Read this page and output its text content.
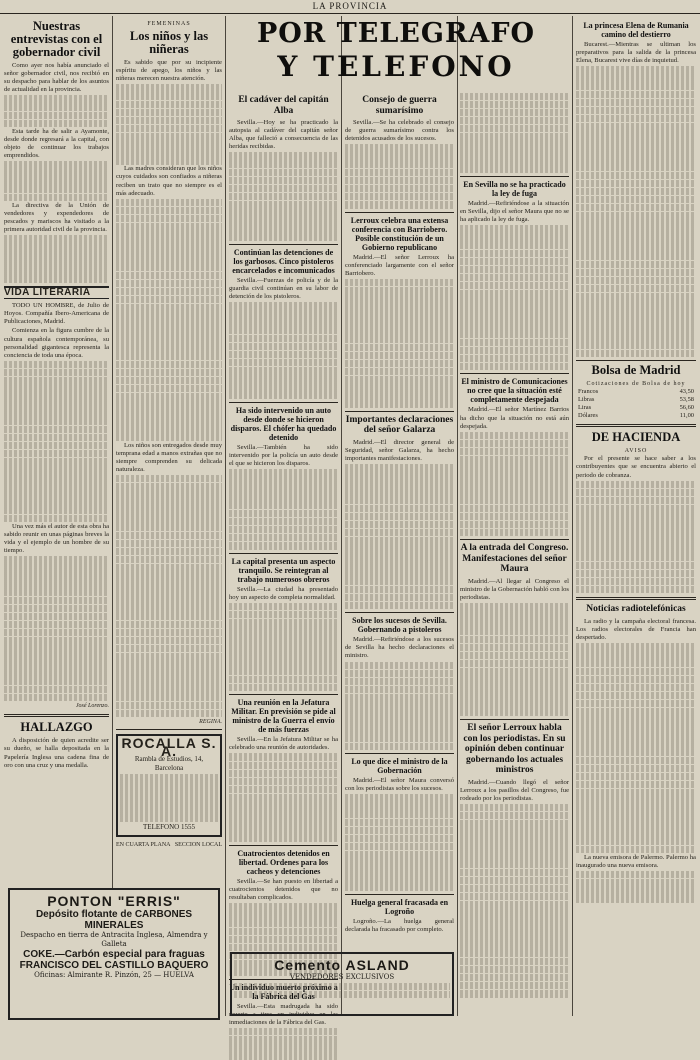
LA PROVINCIA
Nuestras entrevistas con el gobernador civil

Como ayer nos había anunciado el señor gobernador civil, nos recibió en su despacho para hablar de los asuntos de actualidad en la provincia.

Esta tarde ha de salir a Ayamonte, desde donde regresará a la capital, con objeto de continuar los trabajos emprendidos.

La directiva de la Unión de vendedores y expendedores de pescados y mariscos ha visitado a la primera autoridad civil de la provincia.

VIDA LITERARIA

TODO UN HOMBRE, de Julio de Hoyos. Compañía Ibero-Americana de Publicaciones, Madrid.

Comienza en la figura cumbre de la cultura española contemporánea, su personalidad gigantesca representa la conciencia de toda una época.

Una vez más el autor de esta obra ha sabido reunir en unas páginas breves la vida y el ejemplo de un hombre de su tiempo.

José Lorenzo.
HALLAZGO

A disposición de quien acredite ser su dueño, se halla depositada en la Papelería Inglesa una cadena fina de oro con una cruz y una medalla.

FEMENINAS
Los niños y las niñeras

Es sabido que por su incipiente espíritu de apego, los niños y las niñeras merecen nuestra atención.

Las madres consideran que los niños cuyos cuidados son confiados a niñeras reciben un trato que no siempre es el más adecuado.

Los niños son entregados desde muy temprana edad a manos extrañas que no siempre comprenden su delicada naturaleza.

REGINA.
ROCALLA S. A.
Rambla de Estudios, 14, Barcelona
TELEFONO 1555
EN CUARTA PLANA SECCION LOCAL
PONTON "ERRIS"
Depósito flotante de CARBONES MINERALES
Despacho en tierra de Antracita Inglesa, Almendra y Galleta
COKE.—Carbón especial para fraguas
FRANCISCO DEL CASTILLO BAQUERO
Oficinas: Almirante R. Pinzón, 25 — HUELVA
POR TELEGRAFO
Y TELEFONO
El cadáver del capitán Alba

Sevilla.—Hoy se ha practicado la autopsia al cadáver del capitán señor Alba, que falleció a consecuencia de las heridas recibidas.

Continúan las detenciones de los garbosos. Cinco pistoleros encarcelados e incomunicados

Sevilla.—Fuerzas de policía y de la guardia civil continúan en su labor de detención de los pistoleros.

Ha sido intervenido un auto desde donde se hicieron disparos. El chófer ha quedado detenido

Sevilla.—También ha sido intervenido por la policía un auto desde el que se hicieron los disparos.

La capital presenta un aspecto tranquilo. Se reintegran al trabajo numerosos obreros

Sevilla.—La ciudad ha presentado hoy un aspecto de completa normalidad.

Una reunión en la Jefatura Militar. En previsión se pide al ministro de la Guerra el envío de más fuerzas

Sevilla.—En la Jefatura Militar se ha celebrado una reunión de autoridades.

Cuatrocientos detenidos en libertad. Ordenes para los cacheos y detenciones

Sevilla.—Se han puesto en libertad a cuatrocientos detenidos que no resultaban complicados.

Un individuo muerto próximo a la Fábrica del Gas

Sevilla.—Esta madrugada ha sido muerto a tiros un individuo en las inmediaciones de la Fábrica del Gas.

Cemento ASLAND
VENDEDORES EXCLUSIVOS
Consejo de guerra sumarísimo

Sevilla.—Se ha celebrado el consejo de guerra sumarísimo contra los detenidos acusados de los sucesos.

Lerroux celebra una extensa conferencia con Barriobero. Posible constitución de un Gobierno republicano

Madrid.—El señor Lerroux ha conferenciado largamente con el señor Barriobero.

Importantes declaraciones del señor Galarza

Madrid.—El director general de Seguridad, señor Galarza, ha hecho importantes manifestaciones.

Sobre los sucesos de Sevilla. Gobernando a pistoleros

Madrid.—Refiriéndose a los sucesos de Sevilla ha hecho declaraciones el ministro.

Lo que dice el ministro de la Gobernación

Madrid.—El señor Maura conversó con los periodistas sobre los sucesos.

Huelga general fracasada en Logroño

Logroño.—La huelga general declarada ha fracasado por completo.

En Sevilla no se ha practicado la ley de fuga

Madrid.—Refiriéndose a la situación en Sevilla, dijo el señor Maura que no se ha aplicado la ley de fuga.

El ministro de Comunicaciones no cree que la situación esté completamente despejada

Madrid.—El señor Martínez Barrios ha dicho que la situación no está aún despejada.

A la entrada del Congreso. Manifestaciones del señor Maura

Madrid.—Al llegar al Congreso el ministro de la Gobernación habló con los periodistas.

El señor Lerroux habla con los periodistas. En su opinión deben continuar gobernando los actuales ministros

Madrid.—Cuando llegó el señor Lerroux a los pasillos del Congreso, fue rodeado por los periodistas.

La princesa Elena de Rumania camino del destierro

Bucarest.—Mientras se ultiman los preparativos para la salida de la princesa Elena, Bucarest vive días de inquietud.

Bolsa de Madrid
Cotizaciones de Bolsa de hoy
Francos	43,50
Libras	53,58
Liras	56,60
Dólares	11,00
DE HACIENDA
AVISO

Por el presente se hace saber a los contribuyentes que se encuentra abierto el periodo de cobranza.

Noticias radiotelefónicas

La radio y la campaña electoral francesa. Los radios electorales de Francia han despertado.

La nueva emisora de Palermo. Palermo ha inaugurado una nueva emisora.
